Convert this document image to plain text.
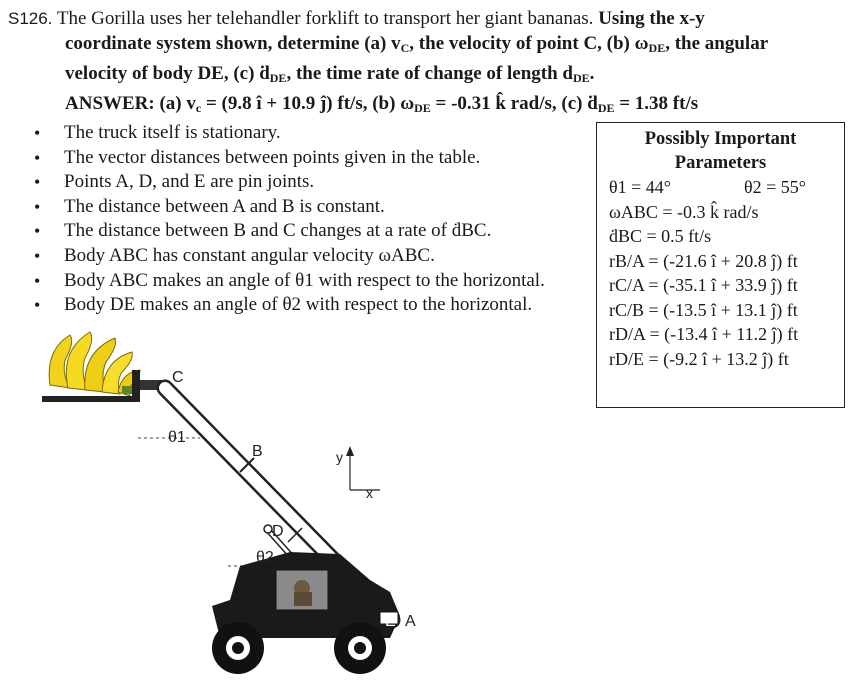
S126. The Gorilla uses her telehandler forklift to transport her giant bananas. Using the x-y
coordinate system shown, determine (a) $v_C$, the velocity of point C, (b) $\omega_{DE}$, the angular
velocity of body DE, (c) ḋ$_{DE}$, the time rate of change of length $d_{DE}$.
ANSWER: (a) $v_c = (9.8$ î + 10.9 ĵ) ft/s, (b) $\omega_{DE} = -0.31$ k̂ rad/s, (c) ḋ$_{DE}$ = 1.38 ft/s
• The truck itself is stationary.
• The vector distances between points given in the table.
• Points A, D, and E are pin joints.
• The distance between A and B is constant.
• The distance between B and C changes at a rate of ḋBC.
• Body ABC has constant angular velocity ωABC.
• Body ABC makes an angle of θ1 with respect to the horizontal.
• Body DE makes an angle of θ2 with respect to the horizontal.
Possibly Important
Parameters
θ1 = 44°	θ2 = 55°
ωABC = -0.3 k̂ rad/s
ḋBC = 0.5 ft/s
rB/A = (-21.6 î + 20.8 ĵ) ft
rC/A = (-35.1 î + 33.9 ĵ) ft
rC/B = (-13.5 î + 13.1 ĵ) ft
rD/A = (-13.4 î + 11.2 ĵ) ft
rD/E = (-9.2 î + 13.2 ĵ) ft
C
B
D
E A
θ1
θ2
y
x
